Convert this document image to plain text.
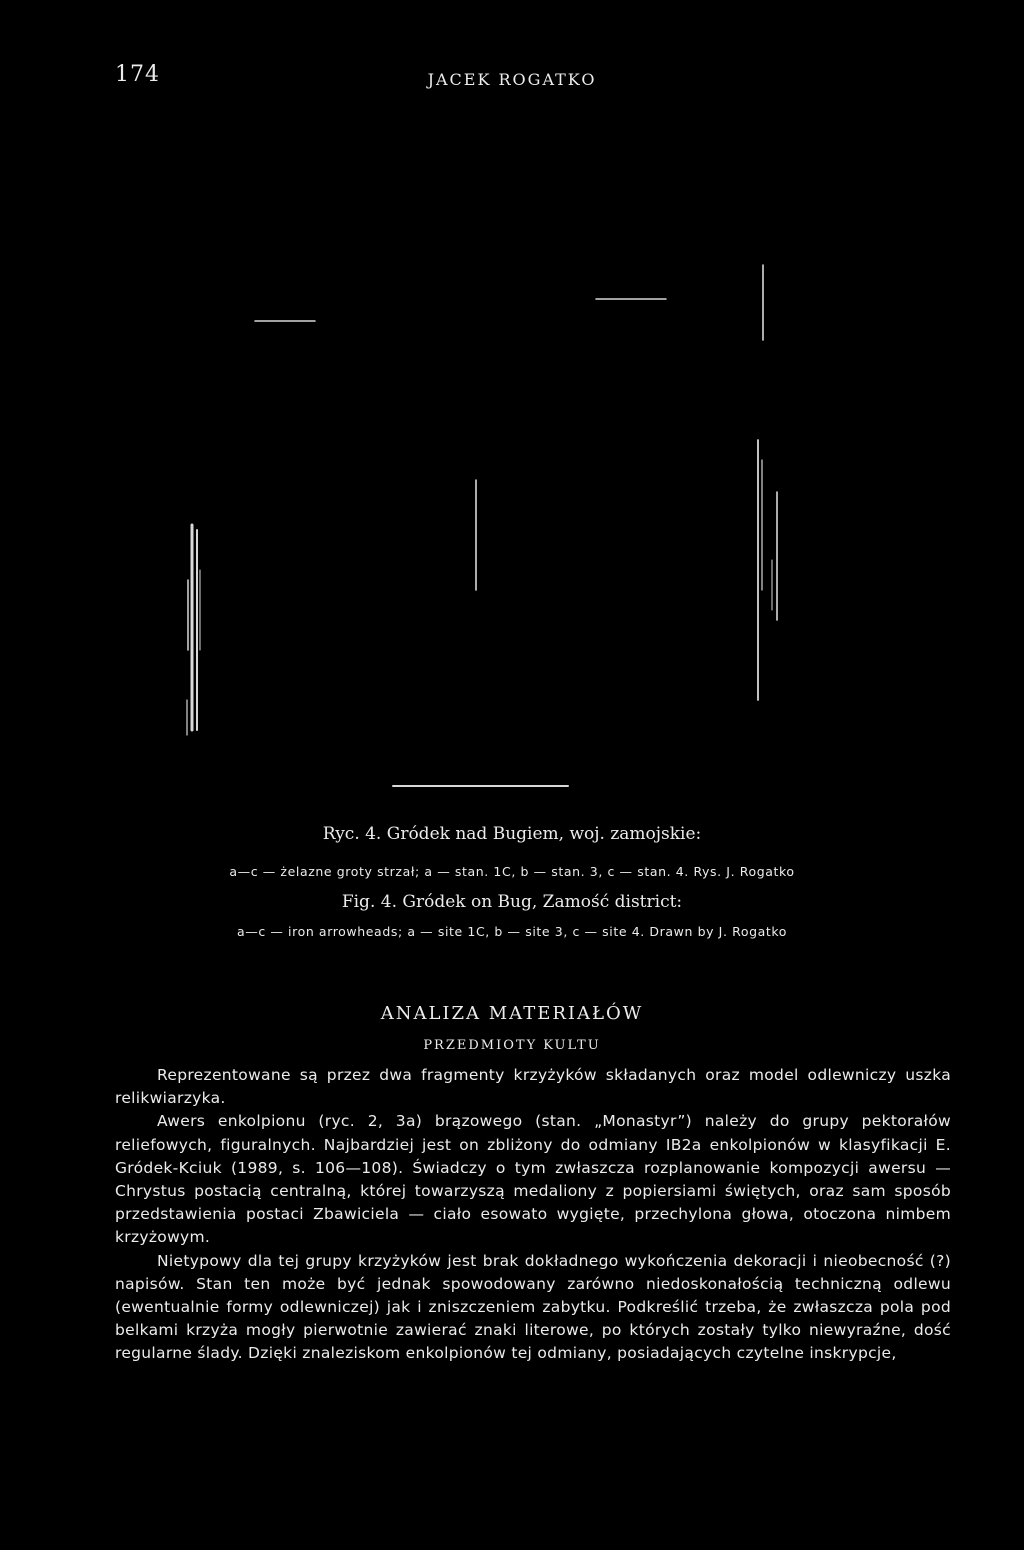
174	JACEK ROGATKO
Ryc. 4. Gródek nad Bugiem, woj. zamojskie:
a—c — żelazne groty strzał; a — stan. 1C, b — stan. 3, c — stan. 4. Rys. J. Rogatko
Fig. 4. Gródek on Bug, Zamość district:
a—c — iron arrowheads; a — site 1C, b — site 3, c — site 4. Drawn by J. Rogatko
ANALIZA MATERIAŁÓW
PRZEDMIOTY KULTU

Reprezentowane są przez dwa fragmenty krzyżyków składanych oraz model odlewniczy uszka relikwiarzyka.

Awers enkolpionu (ryc. 2, 3a) brązowego (stan. „Monastyr”) należy do grupy pektorałów reliefowych, figuralnych. Najbardziej jest on zbliżony do odmiany IB2a enkolpionów w klasyfikacji E. Gródek-Kciuk (1989, s. 106—108). Świadczy o tym zwłaszcza rozplanowanie kompozycji awersu — Chrystus postacią centralną, której towarzyszą medaliony z popiersiami świętych, oraz sam sposób przedstawienia postaci Zbawiciela — ciało esowato wygięte, przechylona głowa, otoczona nimbem krzyżowym.

Nietypowy dla tej grupy krzyżyków jest brak dokładnego wykończenia dekoracji i nieobecność (?) napisów. Stan ten może być jednak spowodowany zarówno niedoskonałością techniczną odlewu (ewentualnie formy odlewniczej) jak i zniszczeniem zabytku. Podkreślić trzeba, że zwłaszcza pola pod belkami krzyża mogły pierwotnie zawierać znaki literowe, po których zostały tylko niewyraźne, dość regularne ślady. Dzięki znaleziskom enkolpionów tej odmiany, posiadających czytelne inskrypcje,
